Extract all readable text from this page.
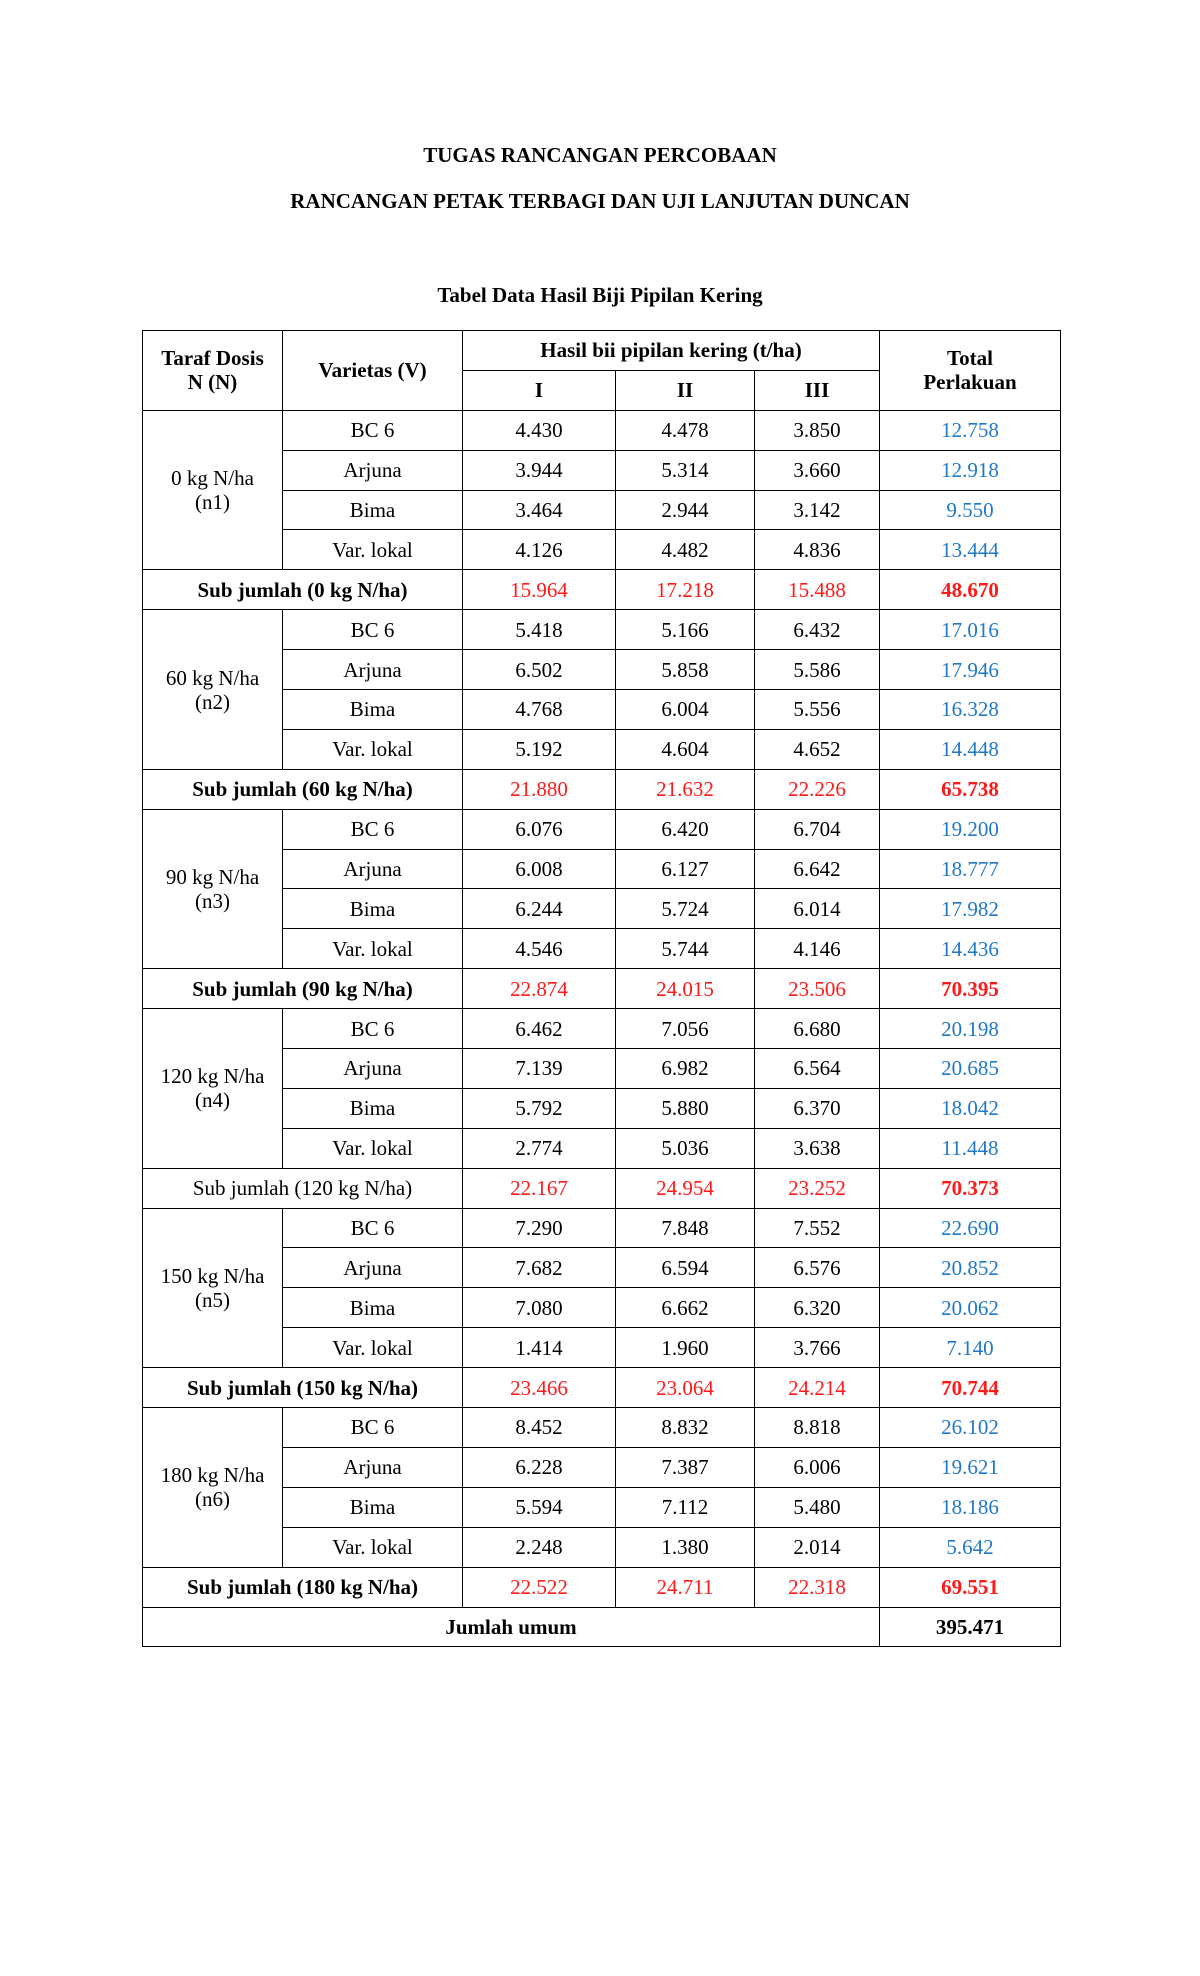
TUGAS RANCANGAN PERCOBAAN
RANCANGAN PETAK TERBAGI DAN UJI LANJUTAN DUNCAN
Tabel Data Hasil Biji Pipilan Kering
Taraf Dosis
N (N)	Varietas (V)	Hasil bii pipilan kering (t/ha)			Total
Perlakuan

		I	II	III	

0 kg N/ha
(n1)	BC 6	4.430	4.478	3.850	12.758
	Arjuna	3.944	5.314	3.660	12.918
	Bima	3.464	2.944	3.142	9.550
	Var. lokal	4.126	4.482	4.836	13.444
Sub jumlah (0 kg N/ha)		15.964	17.218	15.488	48.670

60 kg N/ha
(n2)	BC 6	5.418	5.166	6.432	17.016
	Arjuna	6.502	5.858	5.586	17.946
	Bima	4.768	6.004	5.556	16.328
	Var. lokal	5.192	4.604	4.652	14.448
Sub jumlah (60 kg N/ha)		21.880	21.632	22.226	65.738

90 kg N/ha
(n3)	BC 6	6.076	6.420	6.704	19.200
	Arjuna	6.008	6.127	6.642	18.777
	Bima	6.244	5.724	6.014	17.982
	Var. lokal	4.546	5.744	4.146	14.436
Sub jumlah (90 kg N/ha)		22.874	24.015	23.506	70.395

120 kg N/ha
(n4)	BC 6	6.462	7.056	6.680	20.198
	Arjuna	7.139	6.982	6.564	20.685
	Bima	5.792	5.880	6.370	18.042
	Var. lokal	2.774	5.036	3.638	11.448
Sub jumlah (120 kg N/ha)		22.167	24.954	23.252	70.373

150 kg N/ha
(n5)	BC 6	7.290	7.848	7.552	22.690
	Arjuna	7.682	6.594	6.576	20.852
	Bima	7.080	6.662	6.320	20.062
	Var. lokal	1.414	1.960	3.766	7.140
Sub jumlah (150 kg N/ha)		23.466	23.064	24.214	70.744

180 kg N/ha
(n6)	BC 6	8.452	8.832	8.818	26.102
	Arjuna	6.228	7.387	6.006	19.621
	Bima	5.594	7.112	5.480	18.186
	Var. lokal	2.248	1.380	2.014	5.642
Sub jumlah (180 kg N/ha)		22.522	24.711	22.318	69.551
Jumlah umum					395.471
